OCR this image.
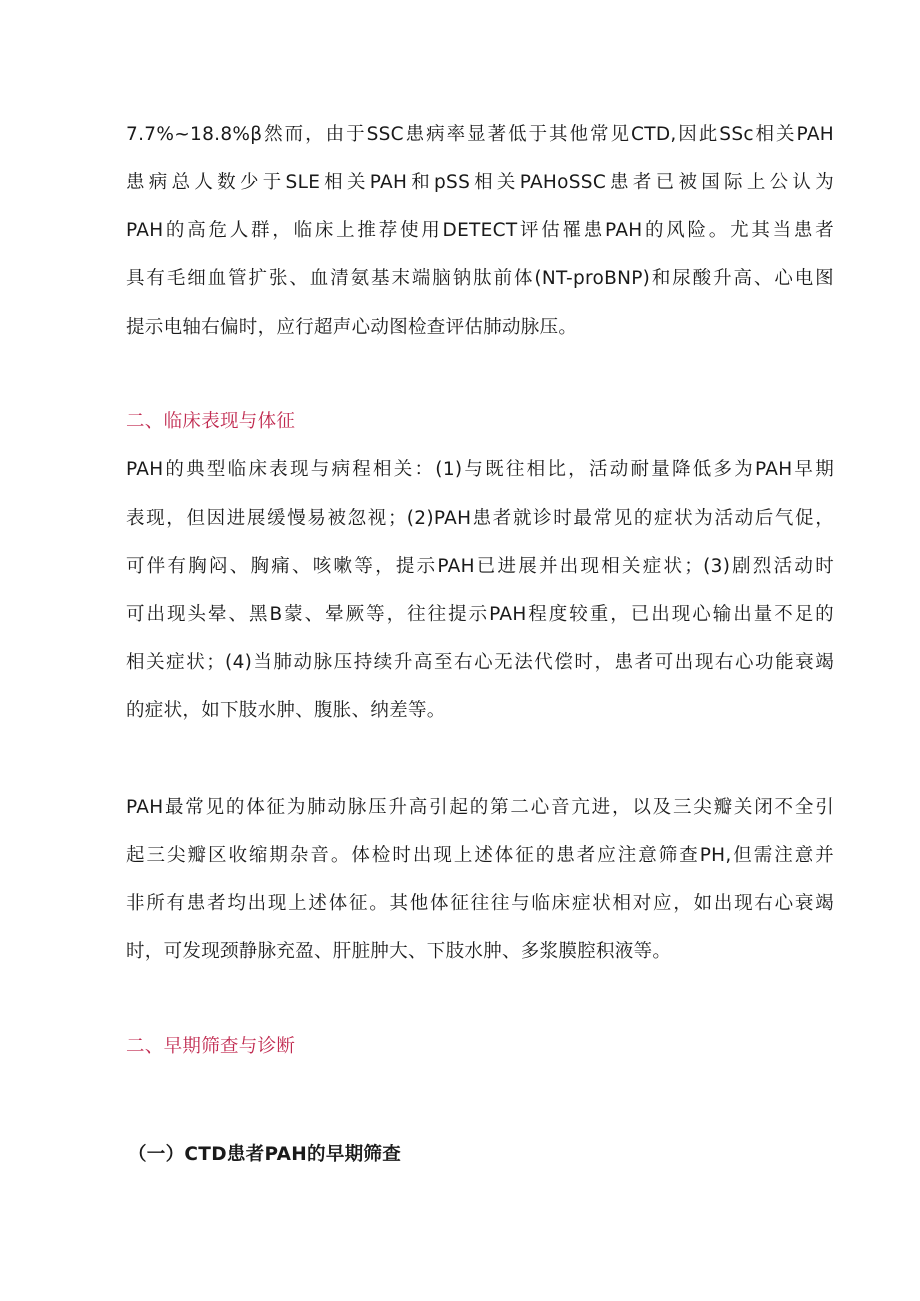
7.7%~18.8%β然而，由于SSC患病率显著低于其他常见CTD,因此SSc相关PAH
患病总人数少于SLE相关PAH和pSS相关PAHoSSC患者已被国际上公认为
PAH的高危人群，临床上推荐使用DETECT评估罹患PAH的风险。尤其当患者
具有毛细血管扩张、血清氨基末端脑钠肽前体(NT-proBNP)和尿酸升高、心电图
提示电轴右偏时，应行超声心动图检查评估肺动脉压。
二、临床表现与体征
PAH的典型临床表现与病程相关：(1)与既往相比，活动耐量降低多为PAH早期
表现，但因进展缓慢易被忽视；(2)PAH患者就诊时最常见的症状为活动后气促，
可伴有胸闷、胸痛、咳嗽等，提示PAH已进展并出现相关症状；(3)剧烈活动时
可出现头晕、黑B蒙、晕厥等，往往提示PAH程度较重，已出现心输出量不足的
相关症状；(4)当肺动脉压持续升高至右心无法代偿时，患者可出现右心功能衰竭
的症状，如下肢水肿、腹胀、纳差等。
PAH最常见的体征为肺动脉压升高引起的第二心音亢进，以及三尖瓣关闭不全引
起三尖瓣区收缩期杂音。体检时出现上述体征的患者应注意筛查PH,但需注意并
非所有患者均出现上述体征。其他体征往往与临床症状相对应，如出现右心衰竭
时，可发现颈静脉充盈、肝脏肿大、下肢水肿、多浆膜腔积液等。
二、早期筛查与诊断
（一）CTD患者PAH的早期筛查
